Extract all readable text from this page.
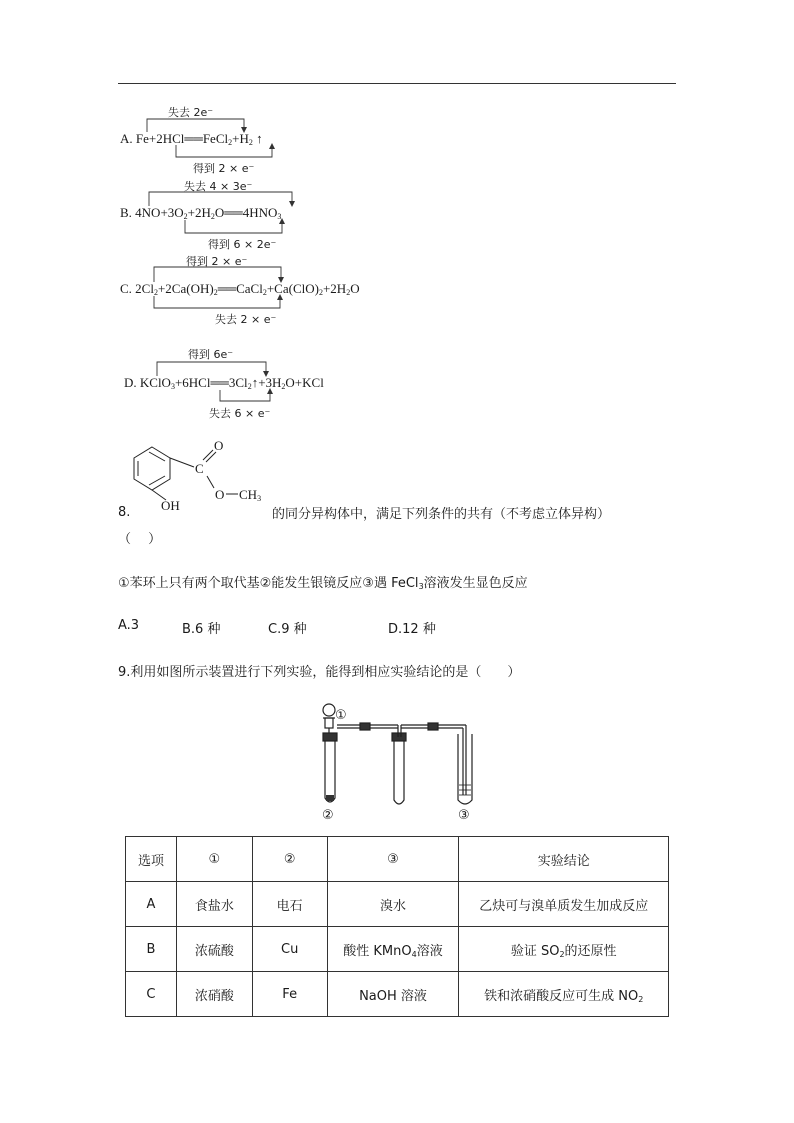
失去 2e⁻
A. $Fe+2HCl══FeCl_2+H_2$ ↑
得到 2 × e⁻
失去 4 × 3e⁻
B. $4NO+3O_2+2H_2O══4HNO_3$
得到 6 × 2e⁻
得到 2 × e⁻
C. $2Cl_2+2Ca(OH)_2══CaCl_2+Ca(ClO)_2+2H_2O$
失去 2 × e⁻
得到 6e⁻
D. $KClO_3+6HCl══3Cl_2↑+3H_2O+KCl$
失去 6 × e⁻
O
C
O $CH_3$
OH
8.	的同分异构体中，满足下列条件的共有（不考虑立体异构）
（　 ）
①苯环上只有两个取代基②能发生银镜反应③遇 FeCl$_3$溶液发生显色反应
A.3	B.6 种	C.9 种	D.12 种
9.利用如图所示装置进行下列实验，能得到相应实验结论的是（　　）
①
②	③
选项	①	②	③	实验结论
A	食盐水	电石	溴水	乙炔可与溴单质发生加成反应
B	浓硫酸	Cu	酸性 KMnO$_4$溶液	验证 $SO_2$的还原性
C	浓硝酸	Fe	NaOH 溶液	铁和浓硝酸反应可生成 $NO_2$
